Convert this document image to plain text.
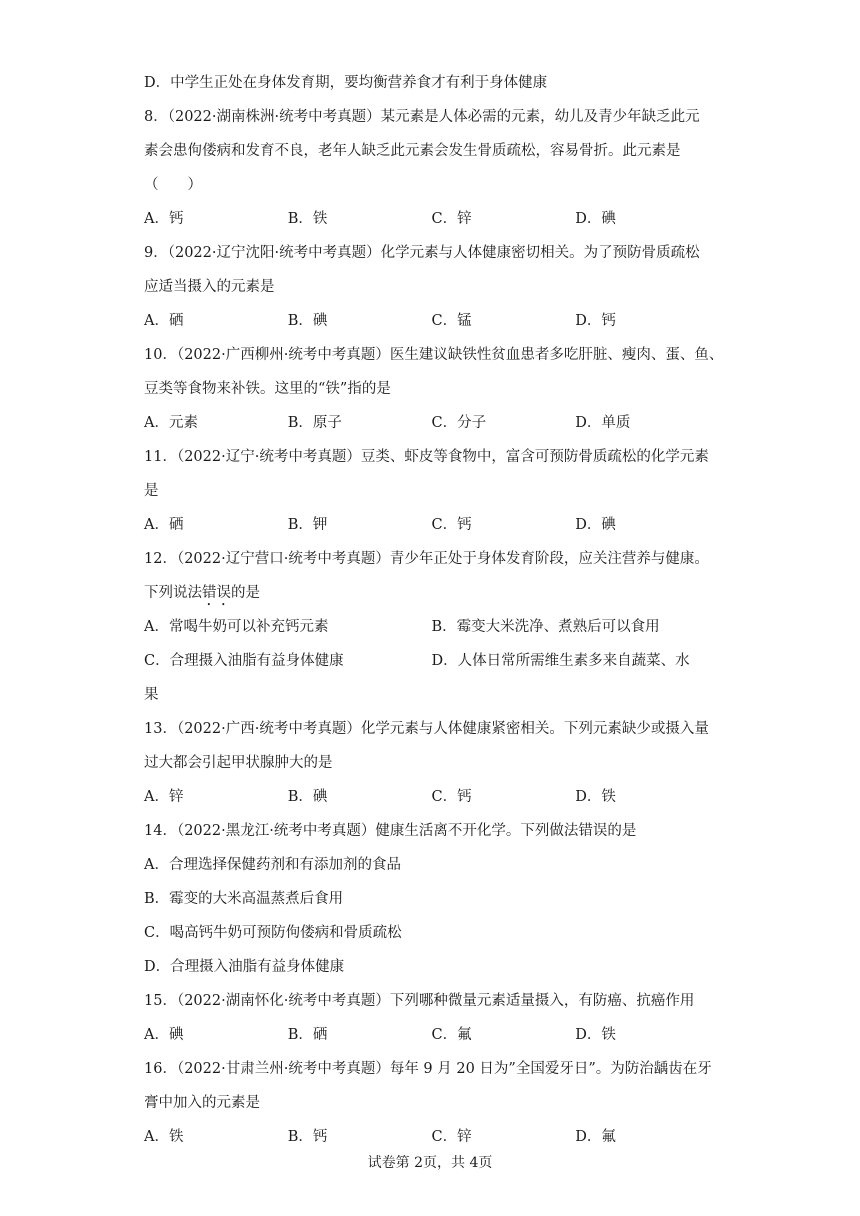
D．中学生正处在身体发育期，要均衡营养食才有利于身体健康
8．（2022·湖南株洲·统考中考真题）某元素是人体必需的元素，幼儿及青少年缺乏此元
素会患佝偻病和发育不良，老年人缺乏此元素会发生骨质疏松，容易骨折。此元素是
（　　）
A．钙	B．铁	C．锌	D．碘
9．（2022·辽宁沈阳·统考中考真题）化学元素与人体健康密切相关。为了预防骨质疏松
应适当摄入的元素是
A．硒	B．碘	C．锰	D．钙
10．（2022·广西柳州·统考中考真题）医生建议缺铁性贫血患者多吃肝脏、瘦肉、蛋、鱼、
豆类等食物来补铁。这里的“铁”指的是
A．元素	B．原子	C．分子	D．单质
11．（2022·辽宁·统考中考真题）豆类、虾皮等食物中，富含可预防骨质疏松的化学元素
是
A．硒	B．钾	C．钙	D．碘
12．（2022·辽宁营口·统考中考真题）青少年正处于身体发育阶段，应关注营养与健康。
下列说法错误的是
A．常喝牛奶可以补充钙元素	B．霉变大米洗净、煮熟后可以食用
C．合理摄入油脂有益身体健康	D．人体日常所需维生素多来自蔬菜、水
果
13．（2022·广西·统考中考真题）化学元素与人体健康紧密相关。下列元素缺少或摄入量
过大都会引起甲状腺肿大的是
A．锌	B．碘	C．钙	D．铁
14．（2022·黑龙江·统考中考真题）健康生活离不开化学。下列做法错误的是
A．合理选择保健药剂和有添加剂的食品
B．霉变的大米高温蒸煮后食用
C．喝高钙牛奶可预防佝偻病和骨质疏松
D．合理摄入油脂有益身体健康
15．（2022·湖南怀化·统考中考真题）下列哪种微量元素适量摄入，有防癌、抗癌作用
A．碘	B．硒	C．氟	D．铁
16．（2022·甘肃兰州·统考中考真题）每年 9 月 20 日为”全国爱牙日”。为防治龋齿在牙
膏中加入的元素是
A．铁	B．钙	C．锌	D．氟
试卷第 2页，共 4页
